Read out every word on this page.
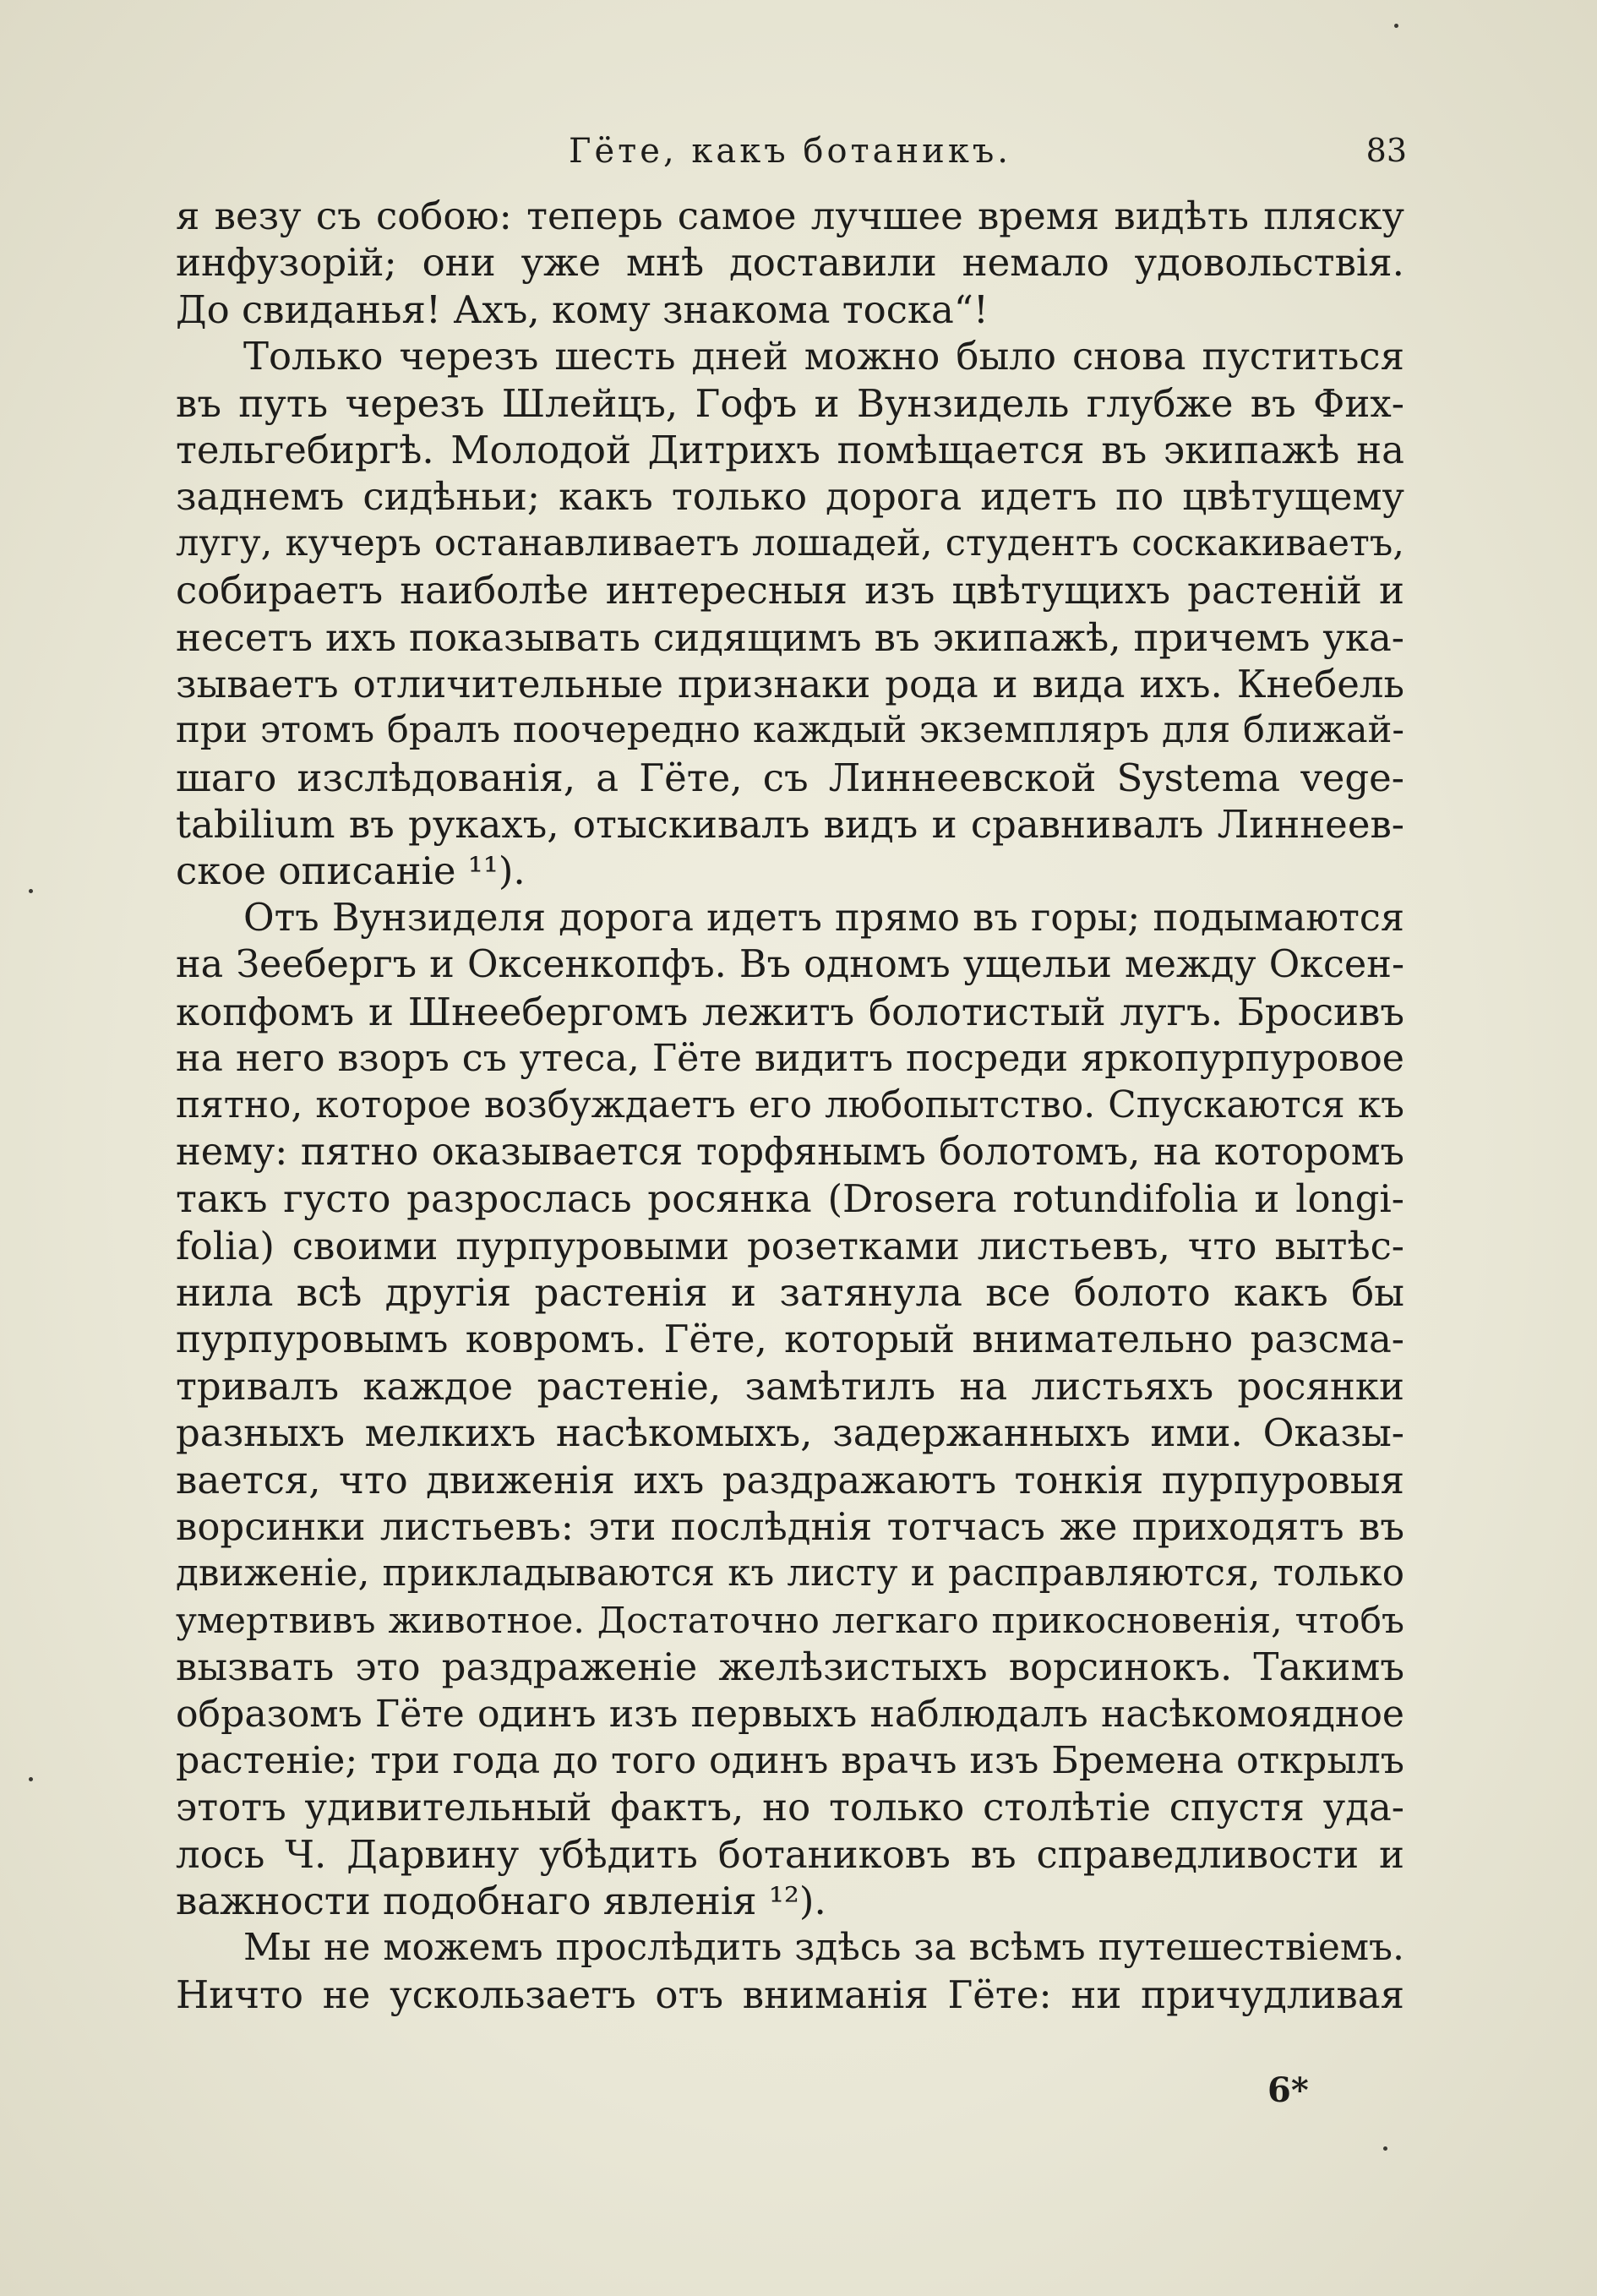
Гёте, какъ ботаникъ.	83
я везу съ собою: теперь самое лучшее время видѣть пляску
инфузорій; они уже мнѣ доставили немало удовольствія.
До свиданья! Ахъ, кому знакома тоска“!
Только черезъ шесть дней можно было снова пуститься
въ путь черезъ Шлейцъ, Гофъ и Вунзидель глубже въ Фих-
тельгебиргѣ. Молодой Дитрихъ помѣщается въ экипажѣ на
заднемъ сидѣньи; какъ только дорога идетъ по цвѣтущему
лугу, кучеръ останавливаетъ лошадей, студентъ соскакиваетъ,
собираетъ наиболѣе интересныя изъ цвѣтущихъ растеній и
несетъ ихъ показывать сидящимъ въ экипажѣ, причемъ ука-
зываетъ отличительные признаки рода и вида ихъ. Кнебель
при этомъ бралъ поочередно каждый экземпляръ для ближай-
шаго изслѣдованія, а Гёте, съ Линнеевской Systema vege-
tabilium въ рукахъ, отыскивалъ видъ и сравнивалъ Линнеев-
ское описаніе ¹¹).
Отъ Вунзиделя дорога идетъ прямо въ горы; подымаются
на Зеебергъ и Оксенкопфъ. Въ одномъ ущельи между Оксен-
копфомъ и Шнеебергомъ лежитъ болотистый лугъ. Бросивъ
на него взоръ съ утеса, Гёте видитъ посреди яркопурпуровое
пятно, которое возбуждаетъ его любопытство. Спускаются къ
нему: пятно оказывается торфянымъ болотомъ, на которомъ
такъ густо разрослась росянка (Drosera rotundifolia и longi-
folia) своими пурпуровыми розетками листьевъ, что вытѣс-
нила всѣ другія растенія и затянула все болото какъ бы
пурпуровымъ ковромъ. Гёте, который внимательно разсма-
тривалъ каждое растеніе, замѣтилъ на листьяхъ росянки
разныхъ мелкихъ насѣкомыхъ, задержанныхъ ими. Оказы-
вается, что движенія ихъ раздражаютъ тонкія пурпуровыя
ворсинки листьевъ: эти послѣднія тотчасъ же приходятъ въ
движеніе, прикладываются къ листу и расправляются, только
умертвивъ животное. Достаточно легкаго прикосновенія, чтобъ
вызвать это раздраженіе желѣзистыхъ ворсинокъ. Такимъ
образомъ Гёте одинъ изъ первыхъ наблюдалъ насѣкомоядное
растеніе; три года до того одинъ врачъ изъ Бремена открылъ
этотъ удивительный фактъ, но только столѣтіе спустя уда-
лось Ч. Дарвину убѣдить ботаниковъ въ справедливости и
важности подобнаго явленія ¹²).
Мы не можемъ прослѣдить здѣсь за всѣмъ путешествіемъ.
Ничто не ускользаетъ отъ вниманія Гёте: ни причудливая
6*
